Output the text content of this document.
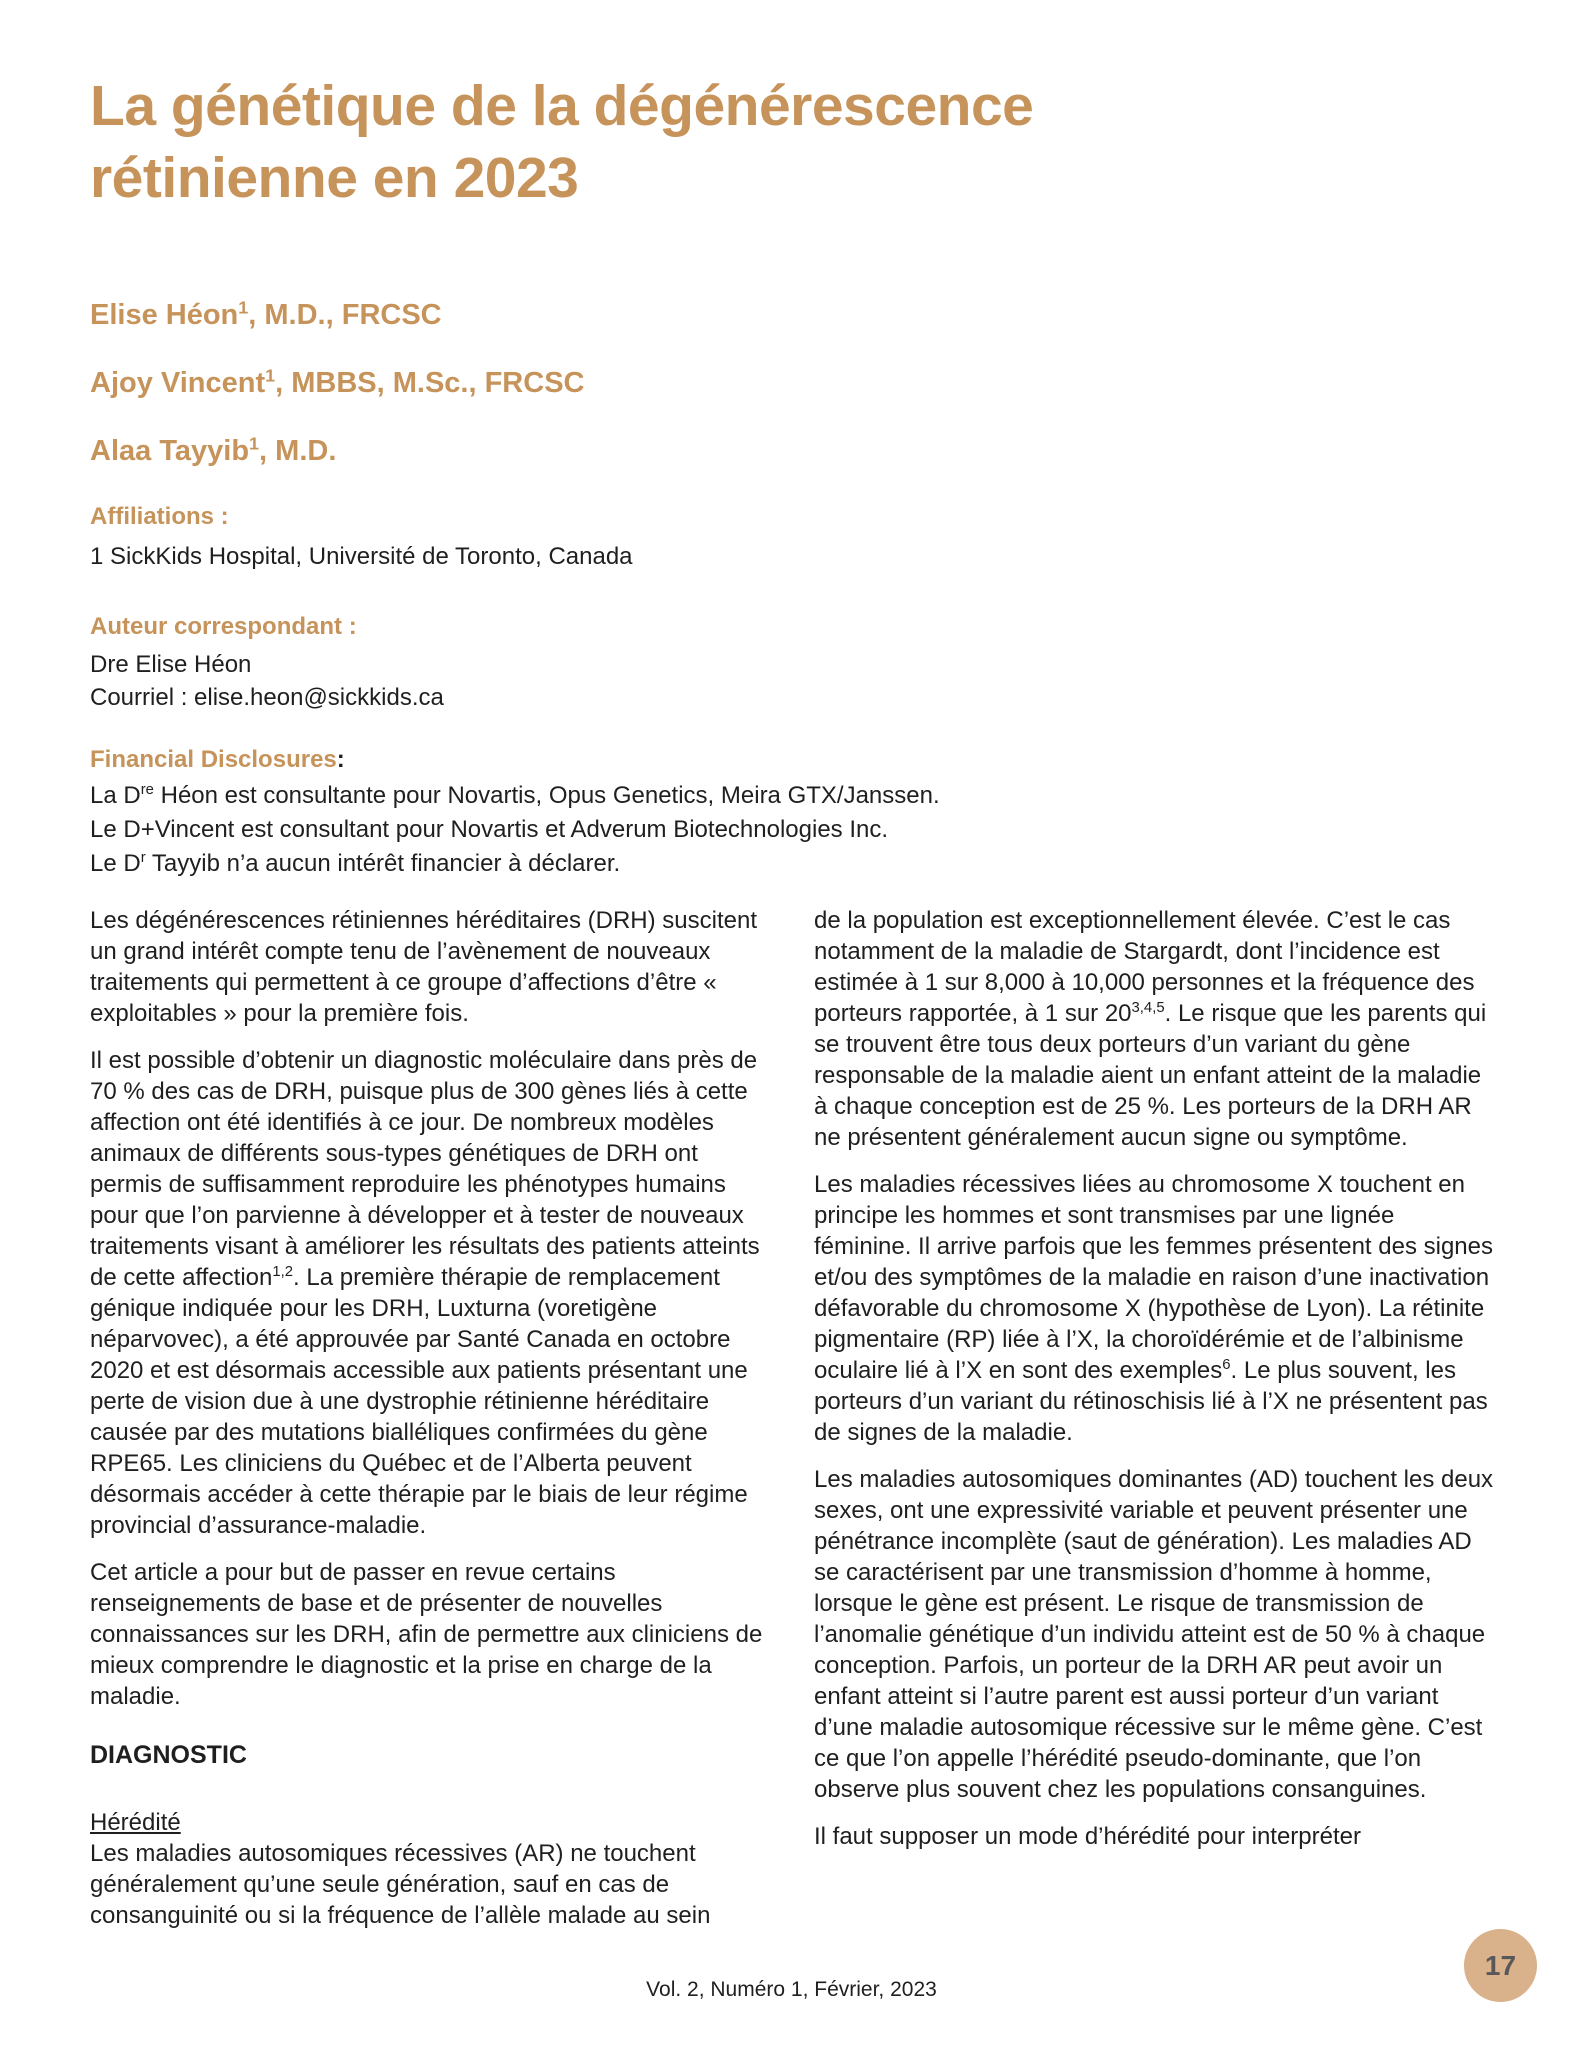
La génétique de la dégénérescence rétinienne en 2023

Elise Héon$^1$, M.D., FRCSC

Ajoy Vincent$^1$, MBBS, M.Sc., FRCSC

Alaa Tayyib$^1$, M.D.

Affiliations :

1 SickKids Hospital, Université de Toronto, Canada

Auteur correspondant :

Dre Elise Héon

Courriel : elise.heon@sickkids.ca

Financial Disclosures:

La Dre Héon est consultante pour Novartis, Opus Genetics, Meira GTX/Janssen.

Le D+Vincent est consultant pour Novartis et Adverum Biotechnologies Inc.

Le $D^r$ Tayyib n’a aucun intérêt financier à déclarer.

Les dégénérescences rétiniennes héréditaires (DRH) suscitent un grand intérêt compte tenu de l’avènement de nouveaux traitements qui permettent à ce groupe d’affections d’être « exploitables » pour la première fois.

Il est possible d’obtenir un diagnostic moléculaire dans près de 70 % des cas de DRH, puisque plus de 300 gènes liés à cette affection ont été identifiés à ce jour. De nombreux modèles animaux de différents sous-types génétiques de DRH ont permis de suffisamment reproduire les phénotypes humains pour que l’on parvienne à développer et à tester de nouveaux traitements visant à améliorer les résultats des patients atteints de cette affection$^{1,2}$. La première thérapie de remplacement génique indiquée pour les DRH, Luxturna (voretigène néparvovec), a été approuvée par Santé Canada en octobre 2020 et est désormais accessible aux patients présentant une perte de vision due à une dystrophie rétinienne héréditaire causée par des mutations bialléliques confirmées du gène RPE65. Les cliniciens du Québec et de l’Alberta peuvent désormais accéder à cette thérapie par le biais de leur régime provincial d’assurance-maladie.

Cet article a pour but de passer en revue certains renseignements de base et de présenter de nouvelles connaissances sur les DRH, afin de permettre aux cliniciens de mieux comprendre le diagnostic et la prise en charge de la maladie.

DIAGNOSTIC
Hérédité

Les maladies autosomiques récessives (AR) ne touchent généralement qu’une seule génération, sauf en cas de consanguinité ou si la fréquence de l’allèle malade au sein

de la population est exceptionnellement élevée. C’est le cas notamment de la maladie de Stargardt, dont l’incidence est estimée à 1 sur 8,000 à 10,000 personnes et la fréquence des porteurs rapportée, à 1 sur 20$^{3,4,5}$. Le risque que les parents qui se trouvent être tous deux porteurs d’un variant du gène responsable de la maladie aient un enfant atteint de la maladie à chaque conception est de 25 %. Les porteurs de la DRH AR ne présentent généralement aucun signe ou symptôme.

Les maladies récessives liées au chromosome X touchent en principe les hommes et sont transmises par une lignée féminine. Il arrive parfois que les femmes présentent des signes et/ou des symptômes de la maladie en raison d’une inactivation défavorable du chromosome X (hypothèse de Lyon). La rétinite pigmentaire (RP) liée à l’X, la choroïdérémie et de l’albinisme oculaire lié à l’X en sont des exemples$^6$. Le plus souvent, les porteurs d’un variant du rétinoschisis lié à l’X ne présentent pas de signes de la maladie.

Les maladies autosomiques dominantes (AD) touchent les deux sexes, ont une expressivité variable et peuvent présenter une pénétrance incomplète (saut de génération). Les maladies AD se caractérisent par une transmission d’homme à homme, lorsque le gène est présent. Le risque de transmission de l’anomalie génétique d’un individu atteint est de 50 % à chaque conception. Parfois, un porteur de la DRH AR peut avoir un enfant atteint si l’autre parent est aussi porteur d’un variant d’une maladie autosomique récessive sur le même gène. C’est ce que l’on appelle l’hérédité pseudo-dominante, que l’on observe plus souvent chez les populations consanguines.

Il faut supposer un mode d’hérédité pour interpréter

Vol. 2, Numéro 1, Février, 2023
17
